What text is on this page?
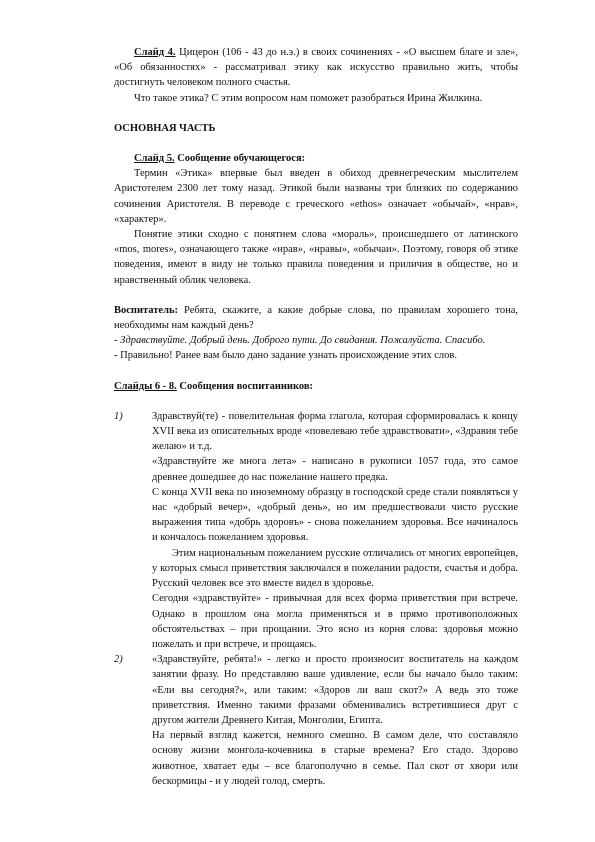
Слайд 4. Цицерон (106 - 43 до н.э.) в своих сочинениях - «О высшем благе и зле», «Об обязанностях» - рассматривал этику как искусство правильно жить, чтобы достигнуть человеком полного счастья.

Что такое этика? С этим вопросом нам поможет разобраться Ирина Жилкина.

ОСНОВНАЯ ЧАСТЬ

Слайд 5. Сообщение обучающегося:

Термин «Этика» впервые был введен в обиход древнегреческим мыслителем Аристотелем 2300 лет тому назад. Этикой были названы три близких по содержанию сочинения Аристотеля. В переводе с греческого «ethos» означает «обычай», «нрав», «характер».

Понятие этики сходно с понятием слова «мораль», происшедшего от латинского «mos, mores», означающего также «нрав», «нравы», «обычаи». Поэтому, говоря об этике поведения, имеют в виду не только правила поведения и приличия в обществе, но и нравственный облик человека.

Воспитатель: Ребята, скажите, а какие добрые слова, по правилам хорошего тона, необходимы нам каждый день?

- Здравствуйте. Добрый день. Доброго пути. До свидания. Пожалуйста. Спасибо.

- Правильно! Ранее вам было дано задание узнать происхождение этих слов.

Слайды 6 - 8. Сообщения воспитанников:

1)	Здравствуй(те) - повелительная форма глагола, которая сформировалась к концу XVII века из описательных вроде «повелеваю тебе здравствовати», «Здравия тебе желаю» и т.д.

«Здравствуйте же многа лета» - написано в рукописи 1057 года, это самое древнее дошедшее до нас пожелание нашего предка.

С конца XVII века по иноземному образцу в господской среде стали появляться у нас «добрый вечер», «добрый день», но им предшествовали чисто русские выражения типа «добрь здоровъ» - снова пожеланием здоровья. Все начиналось и кончалось пожеланием здоровья.

Этим национальным пожеланием русские отличались от многих европейцев, у которых смысл приветствия заключался в пожелании радости, счастья и добра. Русский человек все это вместе видел в здоровье.

Сегодня «здравствуйте» - привычная для всех форма приветствия при встрече. Однако в прошлом она могла применяться и в прямо противоположных обстоятельствах – при прощании. Это ясно из корня слова: здоровья можно пожелать и при встрече, и прощаясь.

2)	«Здравствуйте, ребята!» - легко и просто произносит воспитатель на каждом занятии фразу. Но представляю ваше удивление, если бы начало было таким: «Ели вы сегодня?», или таким: «Здоров ли ваш скот?» А ведь это тоже приветствия. Именно такими фразами обменивались встретившиеся друг с другом жители Древнего Китая, Монголии, Египта.

На первый взгляд кажется, немного смешно. В самом деле, что составляло основу жизни монгола-кочевника в старые времена? Его стадо. Здорово животное, хватает еды – все благополучно в семье. Пал скот от хвори или бескормицы - и у людей голод, смерть.
